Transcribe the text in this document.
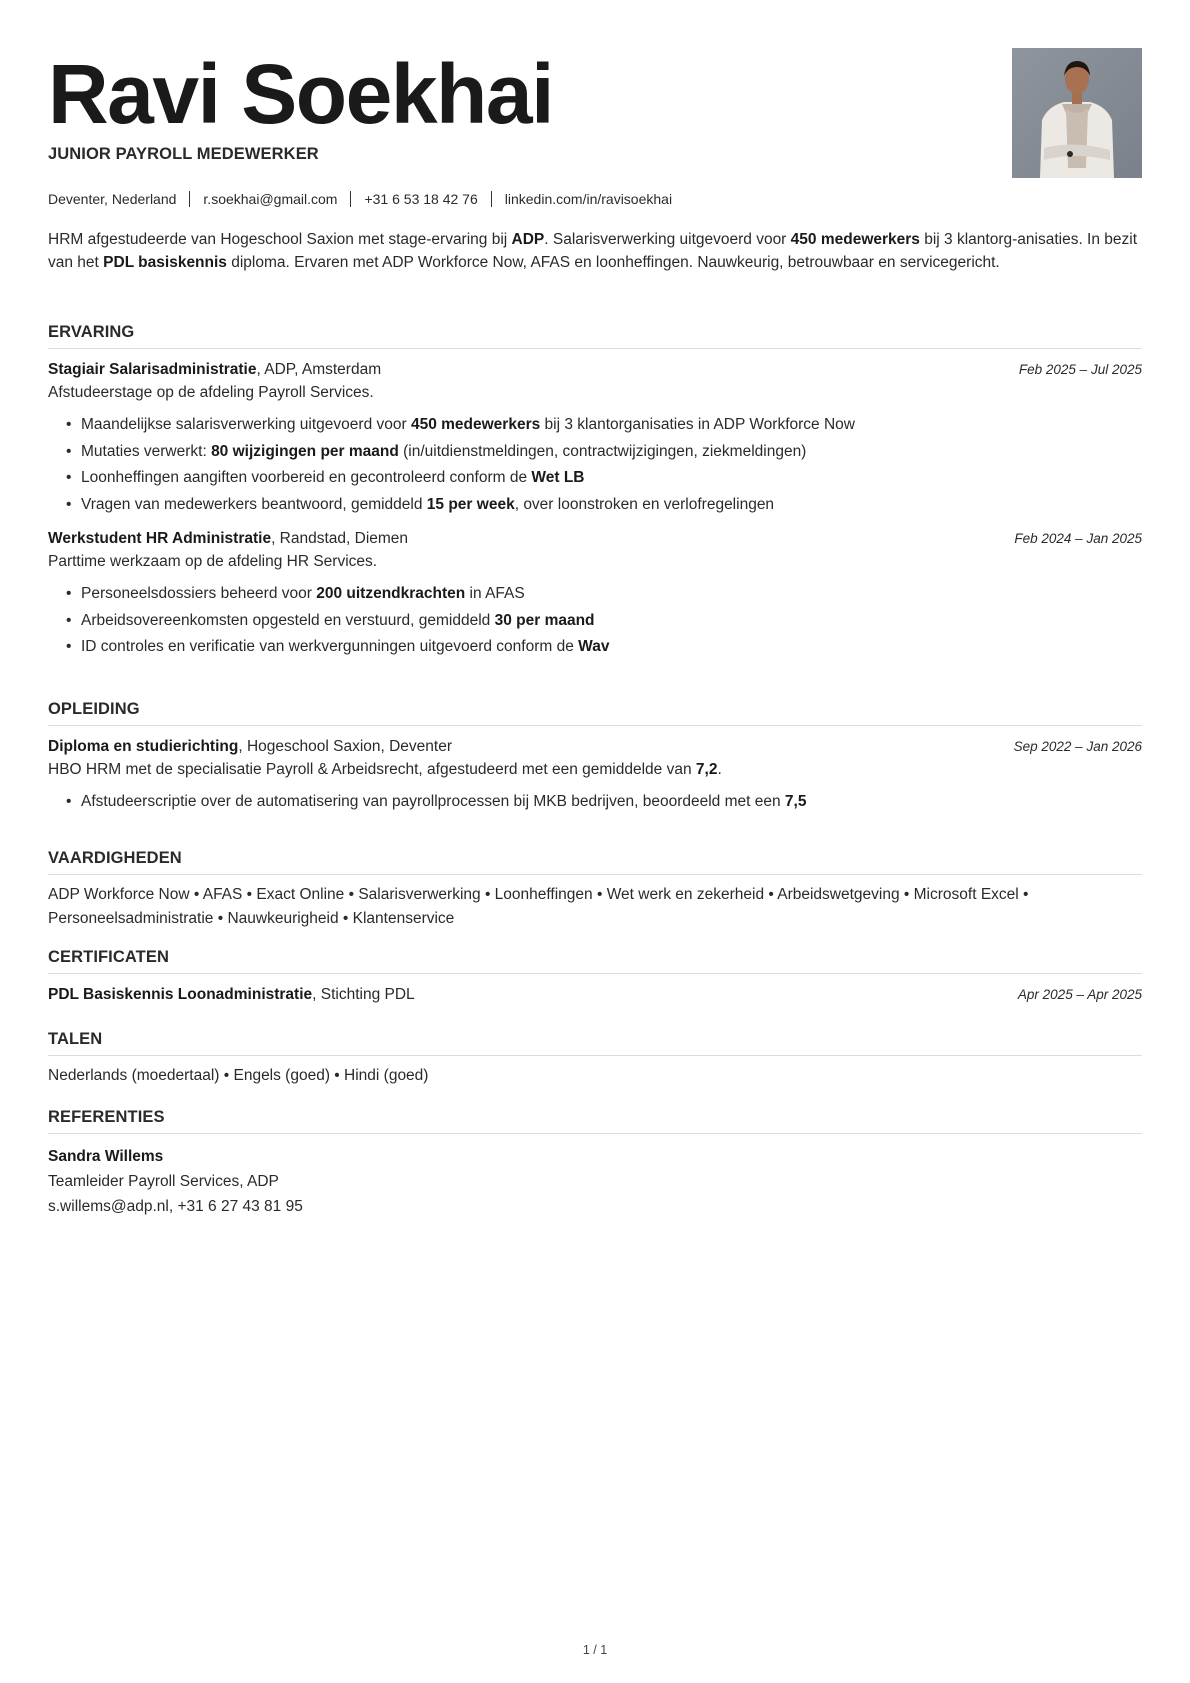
Ravi Soekhai
JUNIOR PAYROLL MEDEWERKER
Deventer, Nederland r.soekhai@gmail.com +31 6 53 18 42 76 linkedin.com/in/ravisoekhai
HRM afgestudeerde van Hogeschool Saxion met stage-ervaring bij ADP. Salarisverwerking uitgevoerd voor 450 medewerkers bij 3 klantorg-anisaties. In bezit van het PDL basiskennis diploma. Ervaren met ADP Workforce Now, AFAS en loonheffingen. Nauwkeurig, betrouwbaar en servicegericht.
ERVARING
Stagiair Salarisadministratie, ADP, Amsterdam	Feb 2025 – Jul 2025
Afstudeerstage op de afdeling Payroll Services.
• Maandelijkse salarisverwerking uitgevoerd voor 450 medewerkers bij 3 klantorganisaties in ADP Workforce Now
• Mutaties verwerkt: 80 wijzigingen per maand (in/uitdienstmeldingen, contractwijzigingen, ziekmeldingen)
• Loonheffingen aangiften voorbereid en gecontroleerd conform de Wet LB
• Vragen van medewerkers beantwoord, gemiddeld 15 per week, over loonstroken en verlofregelingen
Werkstudent HR Administratie, Randstad, Diemen	Feb 2024 – Jan 2025
Parttime werkzaam op de afdeling HR Services.
• Personeelsdossiers beheerd voor 200 uitzendkrachten in AFAS
• Arbeidsovereenkomsten opgesteld en verstuurd, gemiddeld 30 per maand
• ID controles en verificatie van werkvergunningen uitgevoerd conform de Wav
OPLEIDING
Diploma en studierichting, Hogeschool Saxion, Deventer	Sep 2022 – Jan 2026
HBO HRM met de specialisatie Payroll & Arbeidsrecht, afgestudeerd met een gemiddelde van 7,2.
• Afstudeerscriptie over de automatisering van payrollprocessen bij MKB bedrijven, beoordeeld met een 7,5
VAARDIGHEDEN
ADP Workforce Now • AFAS • Exact Online • Salarisverwerking • Loonheffingen • Wet werk en zekerheid • Arbeidswetgeving • Microsoft Excel • Personeelsadministratie • Nauwkeurigheid • Klantenservice
CERTIFICATEN
PDL Basiskennis Loonadministratie, Stichting PDL	Apr 2025 – Apr 2025
TALEN
Nederlands (moedertaal) • Engels (goed) • Hindi (goed)
REFERENTIES
Sandra Willems
Teamleider Payroll Services, ADP
s.willems@adp.nl, +31 6 27 43 81 95
1 / 1
